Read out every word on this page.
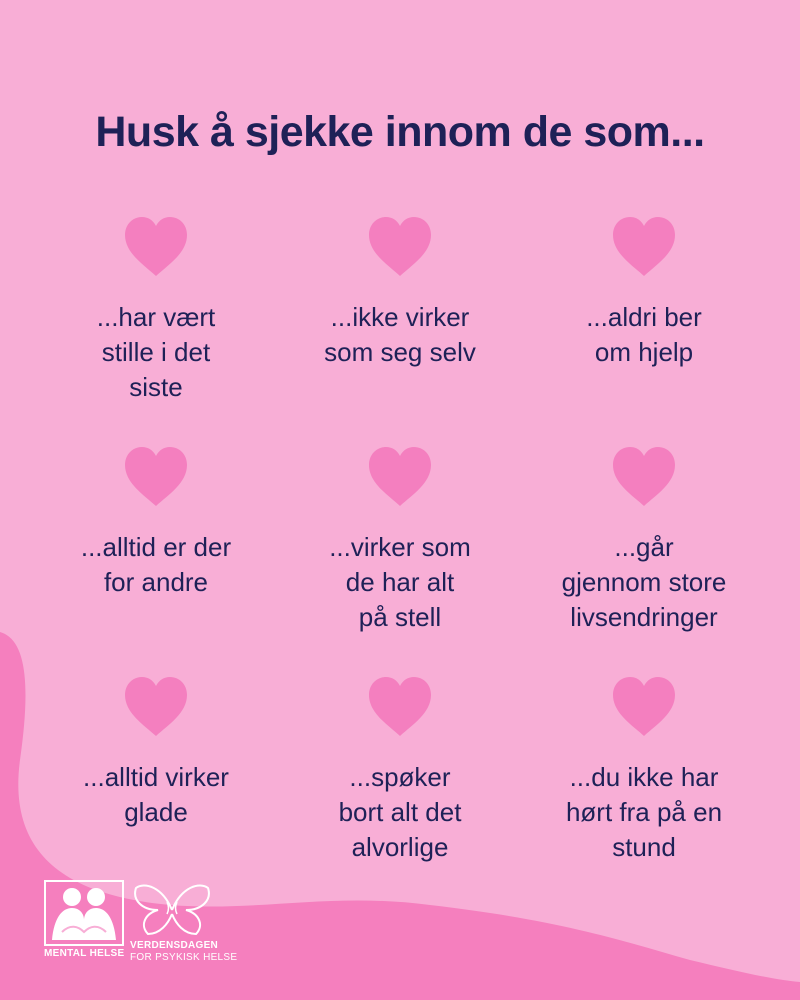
Husk å sjekke innom de som...
...har vært
stille i det
siste
...ikke virker
som seg selv
...aldri ber
om hjelp
...alltid er der
for andre
...virker som
de har alt
på stell
...går
gjennom store
livsendringer
...alltid virker
glade
...spøker
bort alt det
alvorlige
...du ikke har
hørt fra på en
stund
MENTAL HELSE
VERDENSDAGEN
FOR PSYKISK HELSE
